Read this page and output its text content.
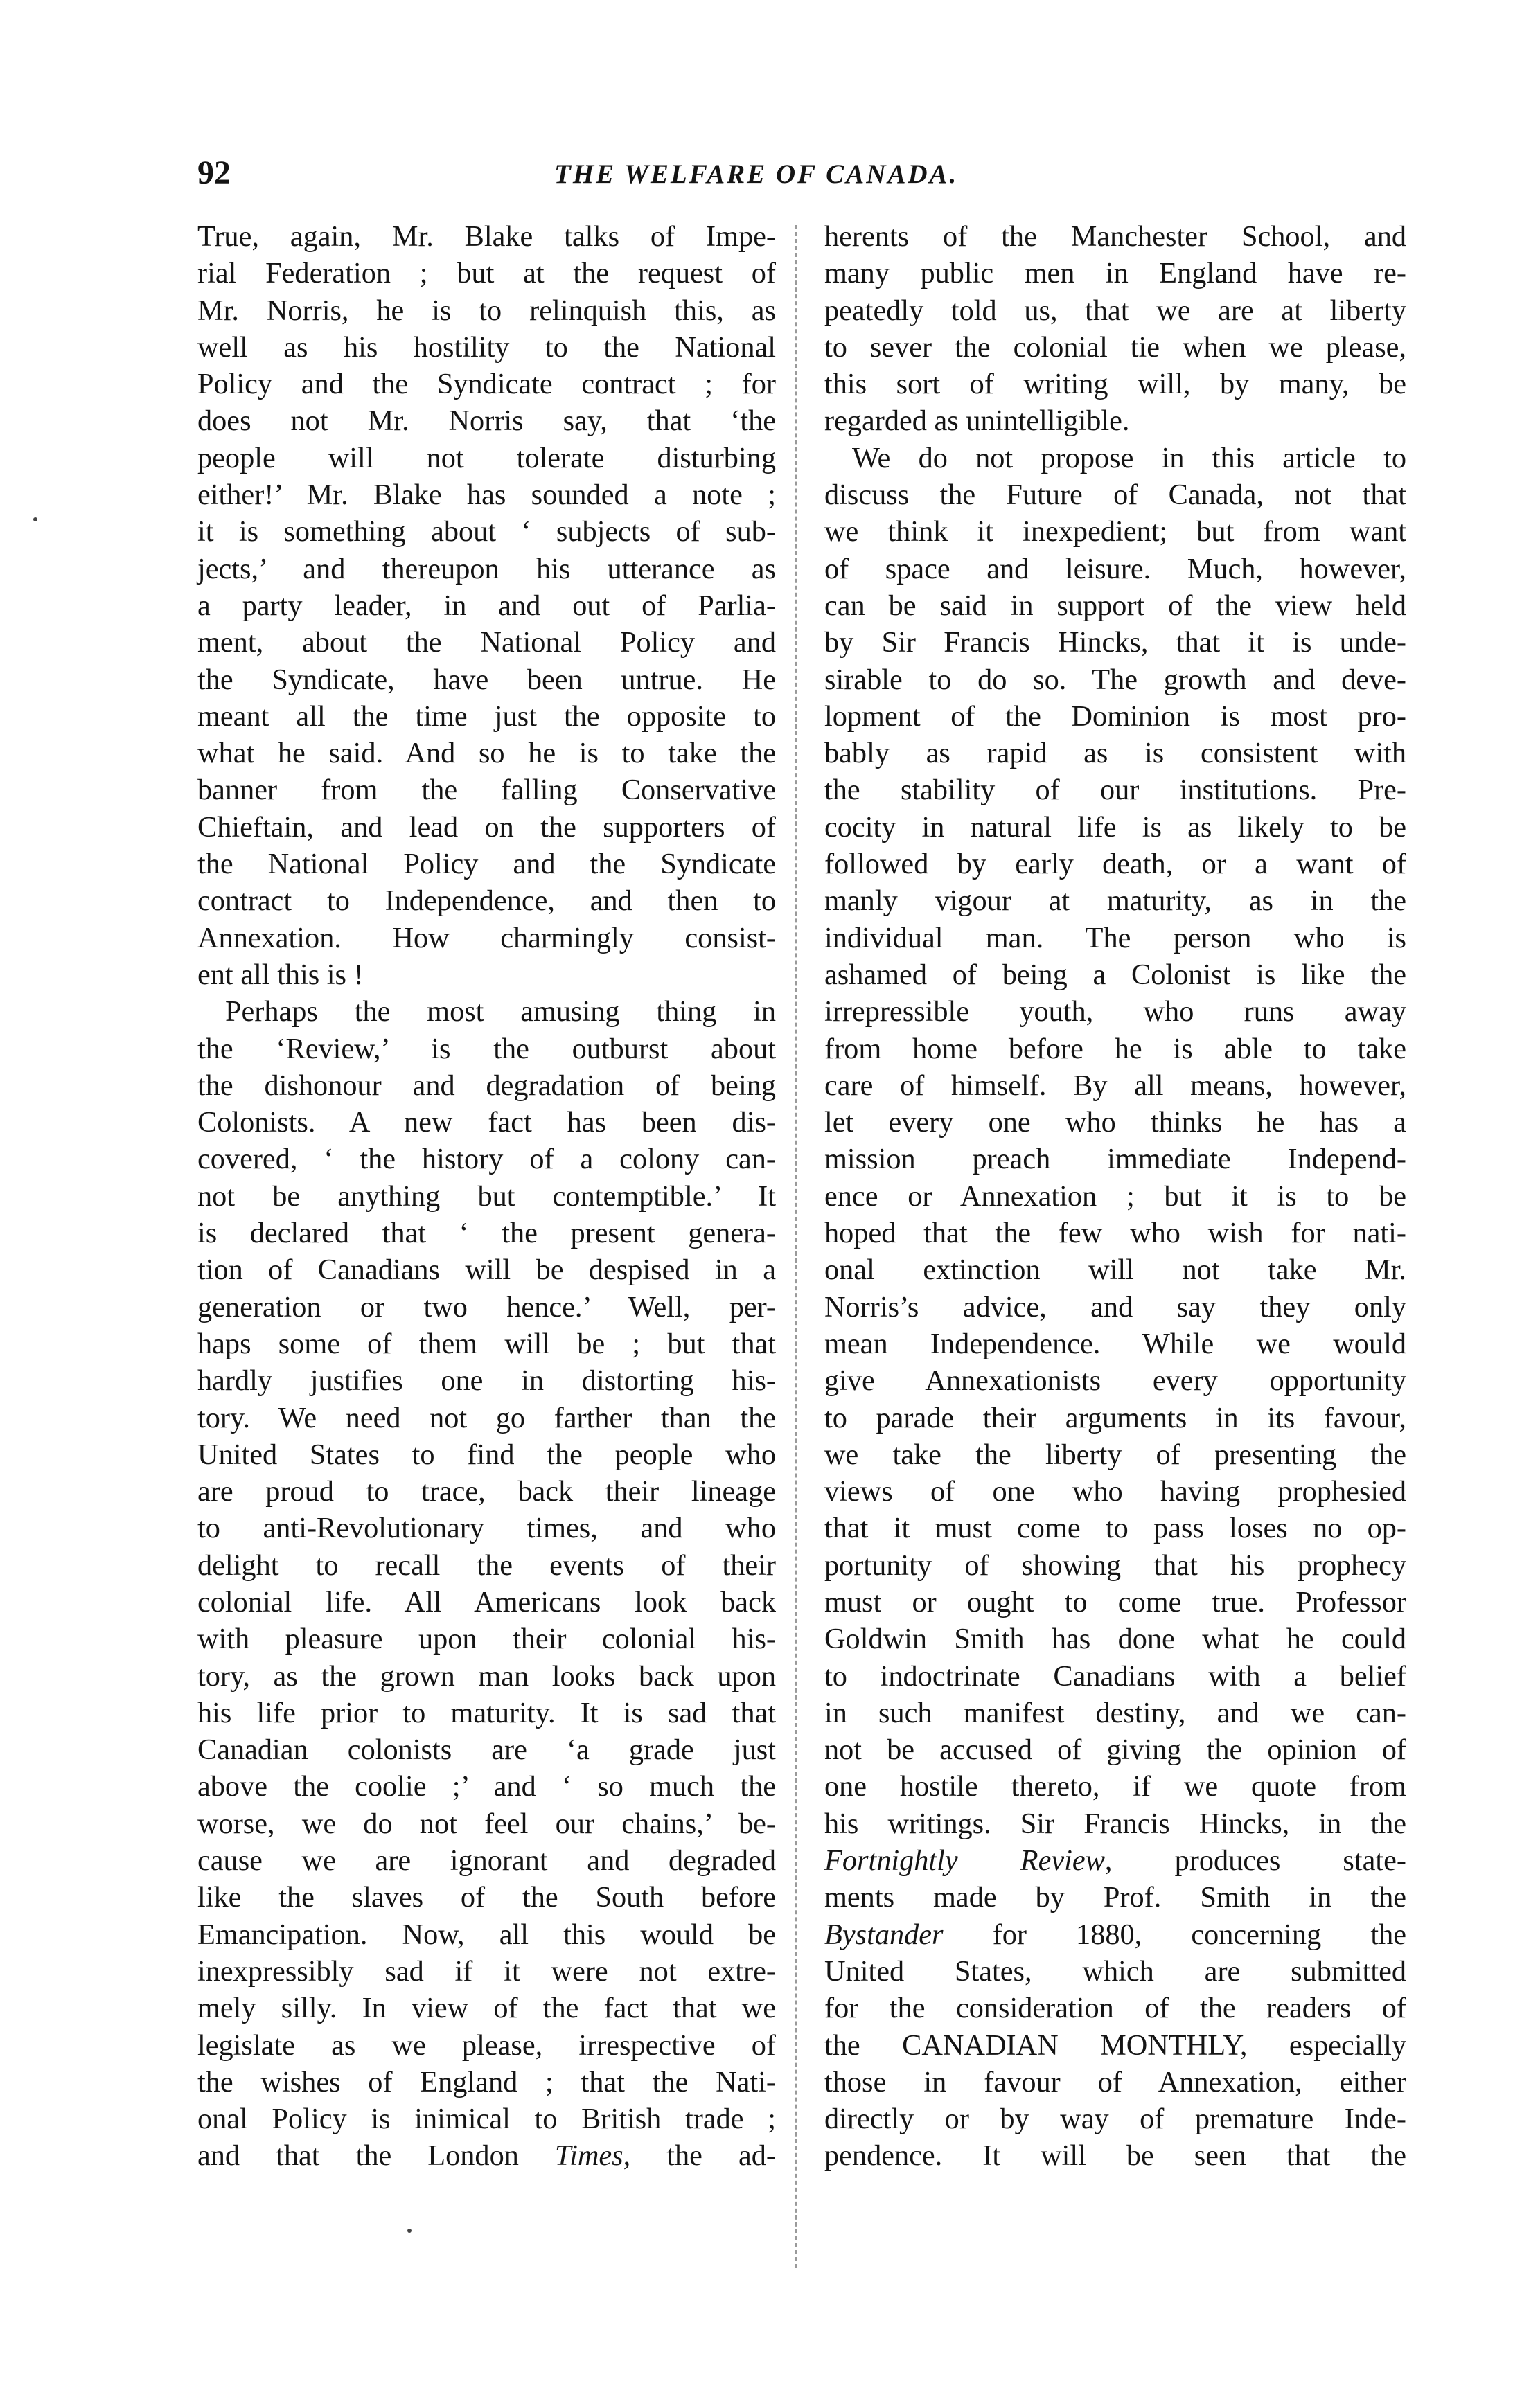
92	THE WELFARE OF CANADA.
True, again, Mr. Blake talks of Impe-
rial Federation ; but at the request of
Mr. Norris, he is to relinquish this, as
well as his hostility to the National
Policy and the Syndicate contract ; for
does not Mr. Norris say, that ‘the
people will not tolerate disturbing
either!’ Mr. Blake has sounded a note ;
it is something about ‘ subjects of sub-
jects,’ and thereupon his utterance as
a party leader, in and out of Parlia-
ment, about the National Policy and
the Syndicate, have been untrue. He
meant all the time just the opposite to
what he said. And so he is to take the
banner from the falling Conservative
Chieftain, and lead on the supporters of
the National Policy and the Syndicate
contract to Independence, and then to
Annexation. How charmingly consist-
ent all this is !
Perhaps the most amusing thing in
the ‘Review,’ is the outburst about
the dishonour and degradation of being
Colonists. A new fact has been dis-
covered, ‘ the history of a colony can-
not be anything but contemptible.’ It
is declared that ‘ the present genera-
tion of Canadians will be despised in a
generation or two hence.’ Well, per-
haps some of them will be ; but that
hardly justifies one in distorting his-
tory. We need not go farther than the
United States to find the people who
are proud to trace, back their lineage
to anti-Revolutionary times, and who
delight to recall the events of their
colonial life. All Americans look back
with pleasure upon their colonial his-
tory, as the grown man looks back upon
his life prior to maturity. It is sad that
Canadian colonists are ‘a grade just
above the coolie ;’ and ‘ so much the
worse, we do not feel our chains,’ be-
cause we are ignorant and degraded
like the slaves of the South before
Emancipation. Now, all this would be
inexpressibly sad if it were not extre-
mely silly. In view of the fact that we
legislate as we please, irrespective of
the wishes of England ; that the Nati-
onal Policy is inimical to British trade ;
and that the London Times, the ad-
herents of the Manchester School, and
many public men in England have re-
peatedly told us, that we are at liberty
to sever the colonial tie when we please,
this sort of writing will, by many, be
regarded as unintelligible.
We do not propose in this article to
discuss the Future of Canada, not that
we think it inexpedient; but from want
of space and leisure. Much, however,
can be said in support of the view held
by Sir Francis Hincks, that it is unde-
sirable to do so. The growth and deve-
lopment of the Dominion is most pro-
bably as rapid as is consistent with
the stability of our institutions. Pre-
cocity in natural life is as likely to be
followed by early death, or a want of
manly vigour at maturity, as in the
individual man. The person who is
ashamed of being a Colonist is like the
irrepressible youth, who runs away
from home before he is able to take
care of himself. By all means, however,
let every one who thinks he has a
mission preach immediate Independ-
ence or Annexation ; but it is to be
hoped that the few who wish for nati-
onal extinction will not take Mr.
Norris’s advice, and say they only
mean Independence. While we would
give Annexationists every opportunity
to parade their arguments in its favour,
we take the liberty of presenting the
views of one who having prophesied
that it must come to pass loses no op-
portunity of showing that his prophecy
must or ought to come true. Professor
Goldwin Smith has done what he could
to indoctrinate Canadians with a belief
in such manifest destiny, and we can-
not be accused of giving the opinion of
one hostile thereto, if we quote from
his writings. Sir Francis Hincks, in the
Fortnightly Review, produces state-
ments made by Prof. Smith in the
Bystander for 1880, concerning the
United States, which are submitted
for the consideration of the readers of
the CANADIAN MONTHLY, especially
those in favour of Annexation, either
directly or by way of premature Inde-
pendence. It will be seen that the
